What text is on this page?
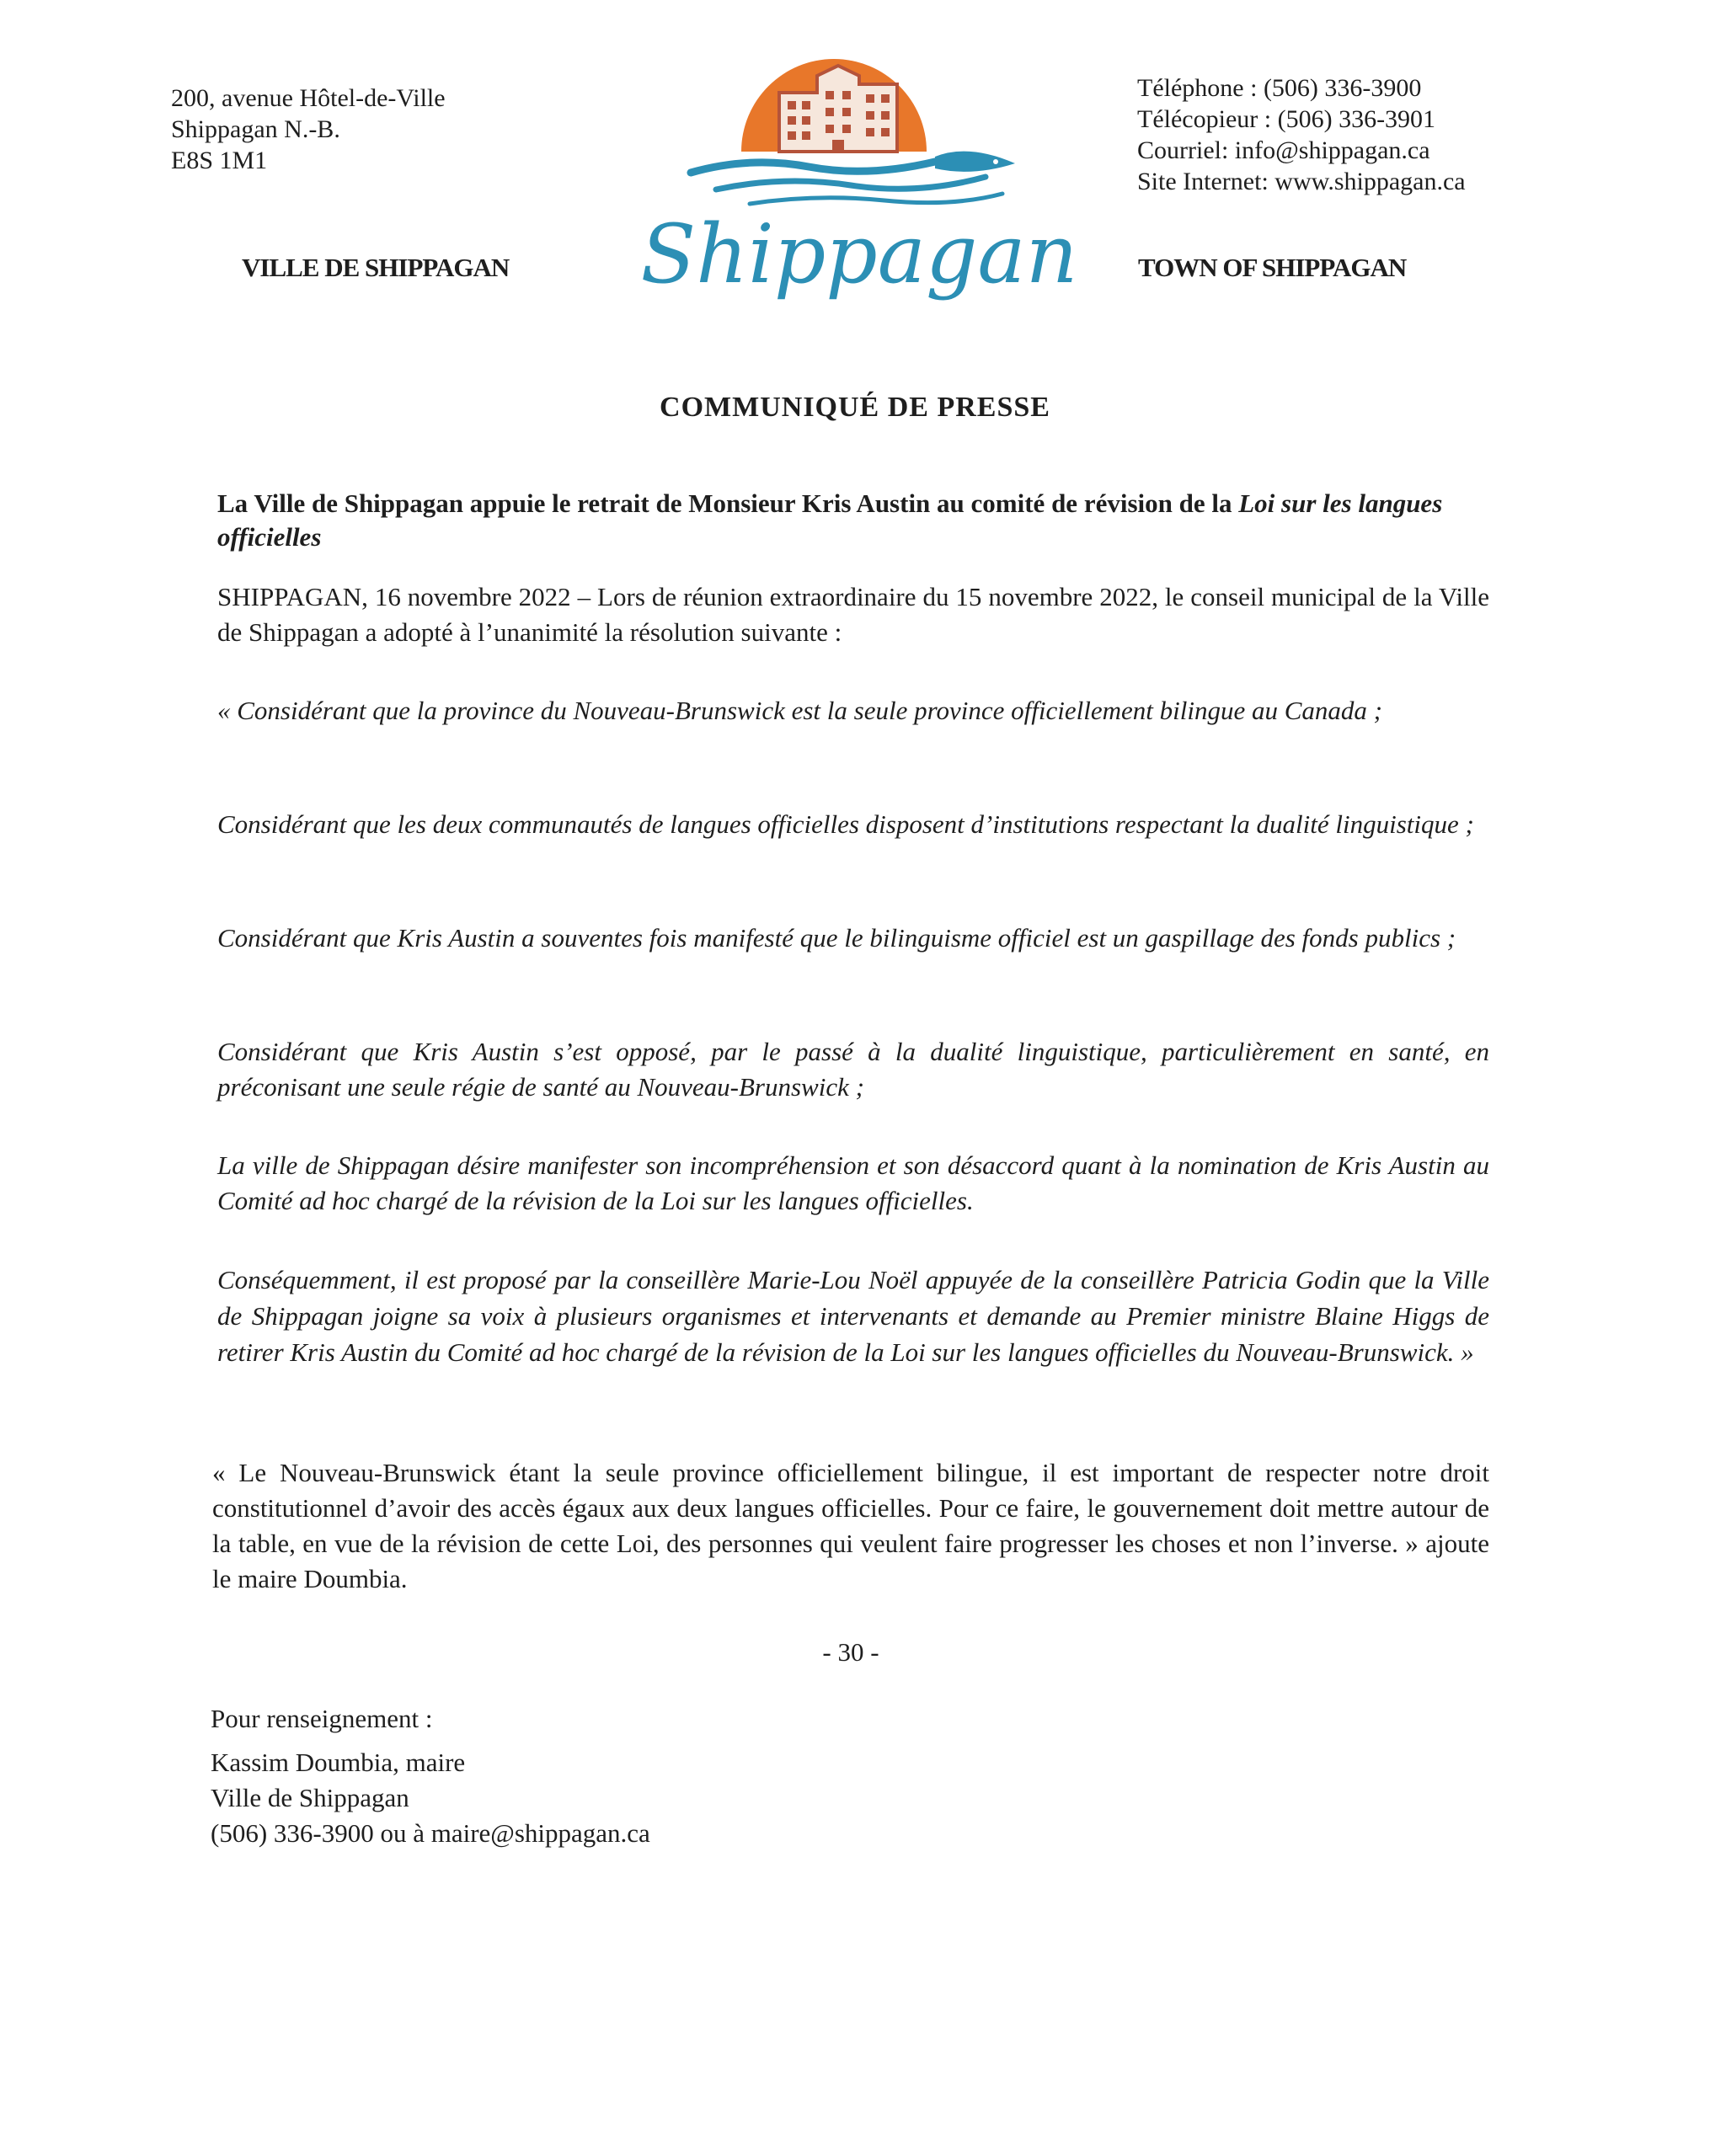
200, avenue Hôtel-de-Ville
Shippagan N.-B.
E8S 1M1
Téléphone : (506) 336-3900
Télécopieur : (506) 336-3901
Courriel: info@shippagan.ca
Site Internet: www.shippagan.ca
Shippagan
VILLE DE SHIPPAGAN	TOWN OF SHIPPAGAN
COMMUNIQUÉ DE PRESSE
La Ville de Shippagan appuie le retrait de Monsieur Kris Austin au comité de révision de la Loi sur les langues officielles
SHIPPAGAN, 16 novembre 2022 – Lors de réunion extraordinaire du 15 novembre 2022, le conseil municipal de la Ville de Shippagan a adopté à l’unanimité la résolution suivante :
« Considérant que la province du Nouveau-Brunswick est la seule province officiellement bilingue au Canada ;
Considérant que les deux communautés de langues officielles disposent d’institutions respectant la dualité linguistique ;
Considérant que Kris Austin a souventes fois manifesté que le bilinguisme officiel est un gaspillage des fonds publics ;
Considérant que Kris Austin s’est opposé, par le passé à la dualité linguistique, particulièrement en santé, en préconisant une seule régie de santé au Nouveau-Brunswick ;
La ville de Shippagan désire manifester son incompréhension et son désaccord quant à la nomination de Kris Austin au Comité ad hoc chargé de la révision de la Loi sur les langues officielles.
Conséquemment, il est proposé par la conseillère Marie-Lou Noël appuyée de la conseillère Patricia Godin que la Ville de Shippagan joigne sa voix à plusieurs organismes et intervenants et demande au Premier ministre Blaine Higgs de retirer Kris Austin du Comité ad hoc chargé de la révision de la Loi sur les langues officielles du Nouveau-Brunswick. »
« Le Nouveau-Brunswick étant la seule province officiellement bilingue, il est important de respecter notre droit constitutionnel d’avoir des accès égaux aux deux langues officielles. Pour ce faire, le gouvernement doit mettre autour de la table, en vue de la révision de cette Loi, des personnes qui veulent faire progresser les choses et non l’inverse. » ajoute le maire Doumbia.
- 30 -
Pour renseignement :
Kassim Doumbia, maire
Ville de Shippagan
(506) 336-3900 ou à maire@shippagan.ca
